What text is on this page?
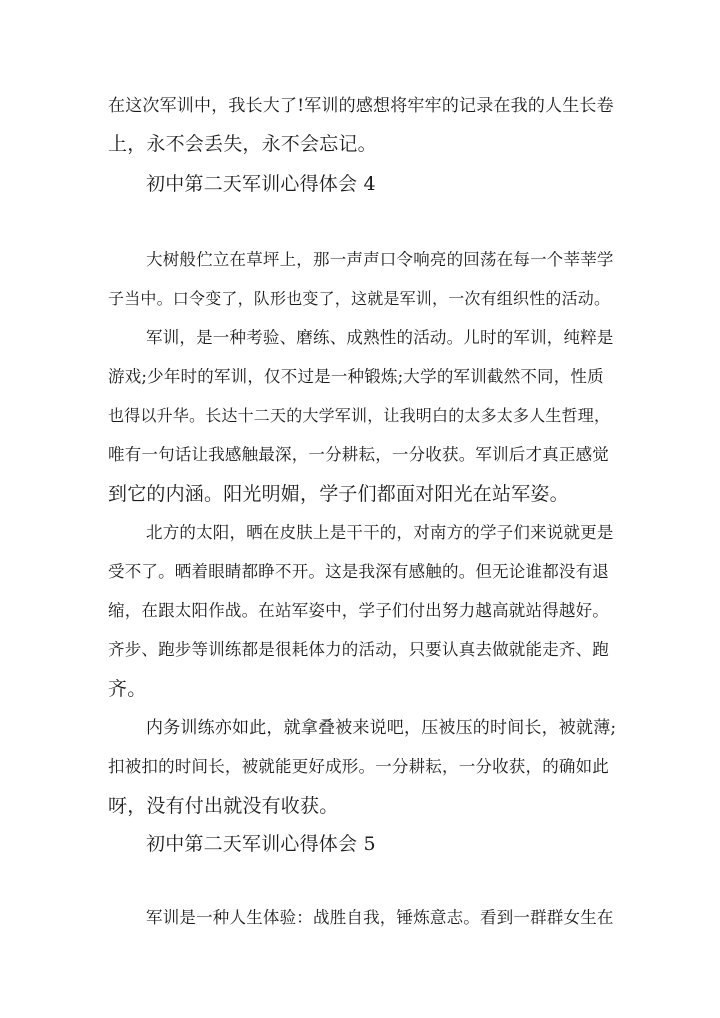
在这次军训中，我长大了!军训的感想将牢牢的记录在我的人生长卷
上，永不会丢失，永不会忘记。
初中第二天军训心得体会 4
大树般伫立在草坪上，那一声声口令响亮的回荡在每一个莘莘学
子当中。口令变了，队形也变了，这就是军训，一次有组织性的活动。
军训，是一种考验、磨练、成熟性的活动。儿时的军训，纯粹是
游戏;少年时的军训，仅不过是一种锻炼;大学的军训截然不同，性质
也得以升华。长达十二天的大学军训，让我明白的太多太多人生哲理，
唯有一句话让我感触最深，一分耕耘，一分收获。军训后才真正感觉
到它的内涵。阳光明媚，学子们都面对阳光在站军姿。
北方的太阳，晒在皮肤上是干干的，对南方的学子们来说就更是
受不了。晒着眼睛都睁不开。这是我深有感触的。但无论谁都没有退
缩，在跟太阳作战。在站军姿中，学子们付出努力越高就站得越好。
齐步、跑步等训练都是很耗体力的活动，只要认真去做就能走齐、跑
齐。
内务训练亦如此，就拿叠被来说吧，压被压的时间长，被就薄;
扣被扣的时间长，被就能更好成形。一分耕耘，一分收获，的确如此
呀，没有付出就没有收获。
初中第二天军训心得体会 5
军训是一种人生体验：战胜自我，锤炼意志。看到一群群女生在
